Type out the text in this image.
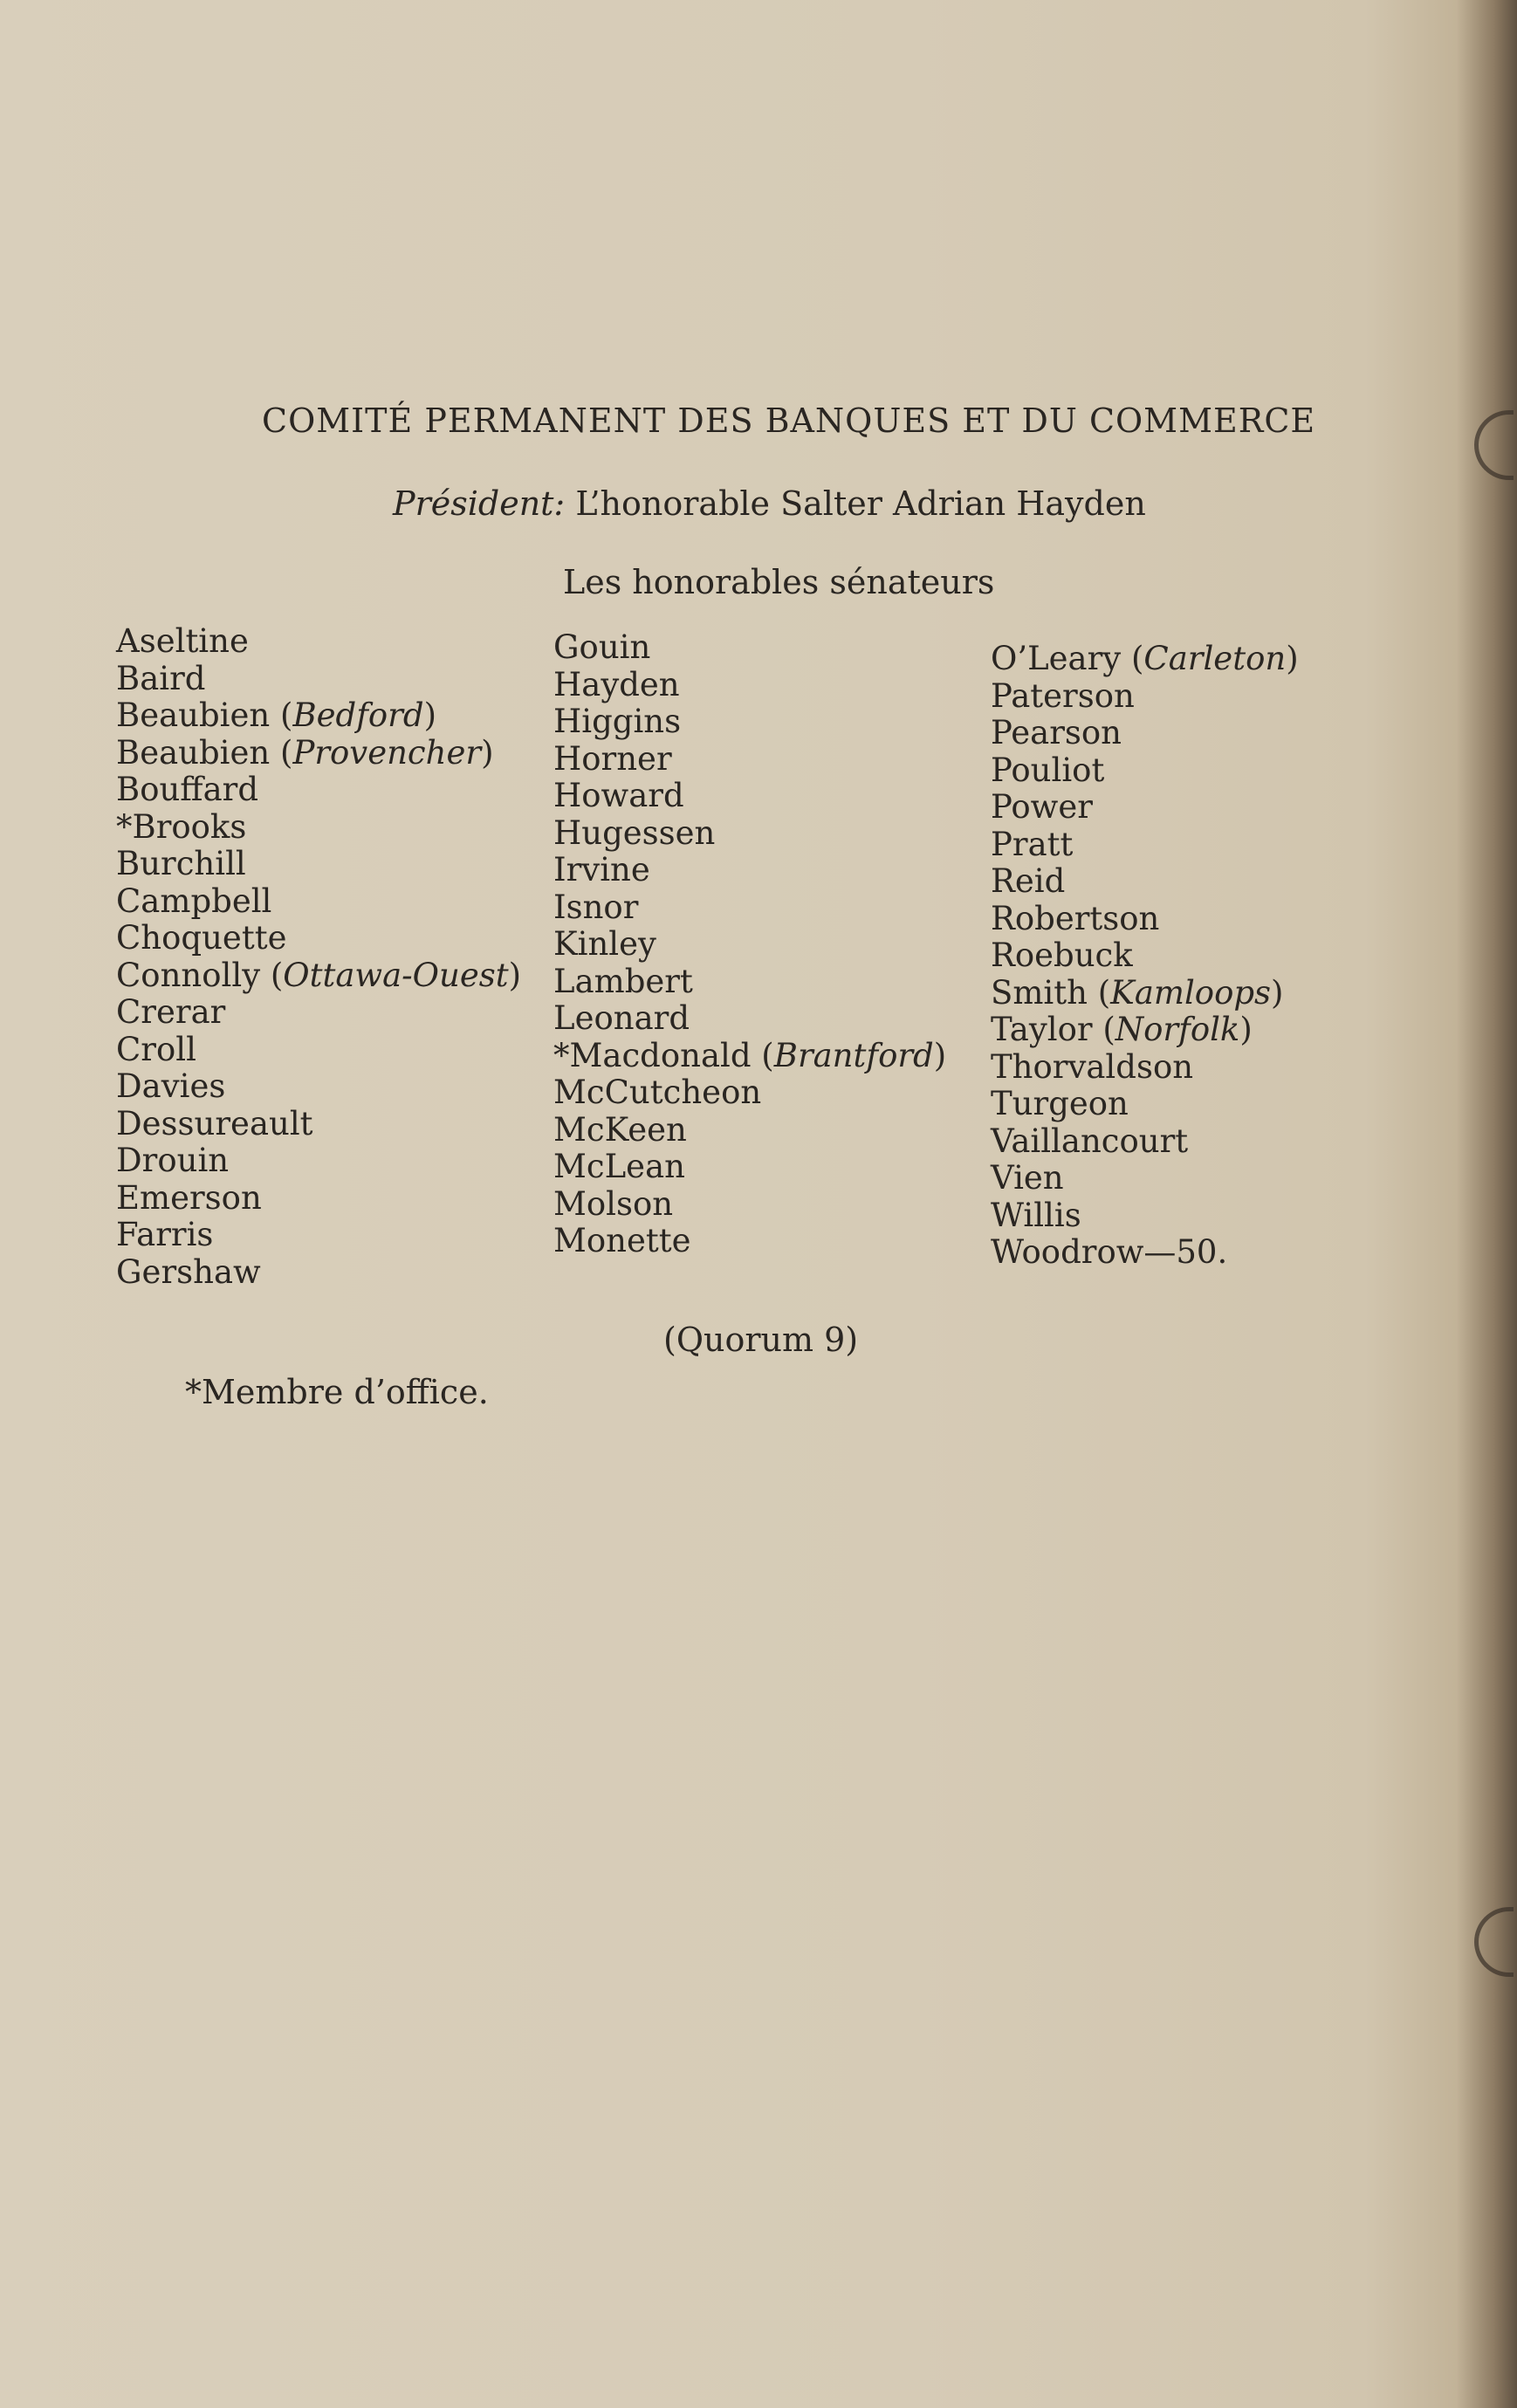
COMITÉ PERMANENT DES BANQUES ET DU COMMERCE
Président: L’honorable Salter Adrian Hayden
Les honorables sénateurs
Aseltine
Baird
Beaubien (Bedford)
Beaubien (Provencher)
Bouffard
*Brooks
Burchill
Campbell
Choquette
Connolly (Ottawa-Ouest)
Crerar
Croll
Davies
Dessureault
Drouin
Emerson
Farris
Gershaw
Gouin
Hayden
Higgins
Horner
Howard
Hugessen
Irvine
Isnor
Kinley
Lambert
Leonard
*Macdonald (Brantford)
McCutcheon
McKeen
McLean
Molson
Monette
O’Leary (Carleton)
Paterson
Pearson
Pouliot
Power
Pratt
Reid
Robertson
Roebuck
Smith (Kamloops)
Taylor (Norfolk)
Thorvaldson
Turgeon
Vaillancourt
Vien
Willis
Woodrow—50.
(Quorum 9)
*Membre d’office.
